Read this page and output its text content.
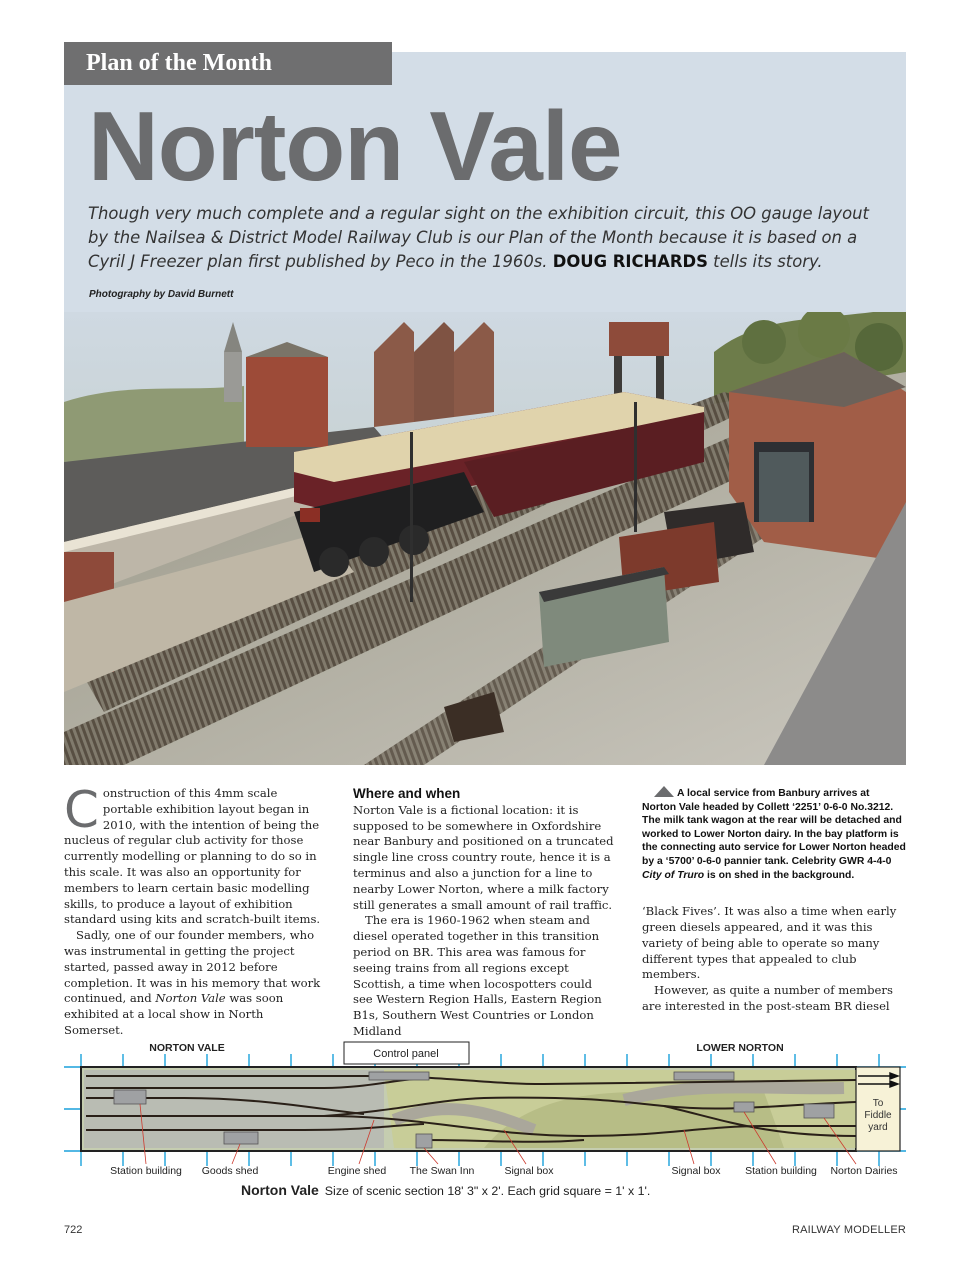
Plan of the Month
Norton Vale

Though very much complete and a regular sight on the exhibition circuit, this OO gauge layout by the Nailsea & District Model Railway Club is our Plan of the Month because it is based on a Cyril J Freezer plan first published by Peco in the 1960s. DOUG RICHARDS tells its story.

Photography by David Burnett

Construction of this 4mm scale portable exhibition layout began in 2010, with the intention of being the nucleus of regular club activity for those currently modelling or planning to do so in this scale. It was also an opportunity for members to learn certain basic modelling skills, to produce a layout of exhibition standard using kits and scratch-built items.

Sadly, one of our founder members, who was instrumental in getting the project started, passed away in 2012 before completion. It was in his memory that work continued, and Norton Vale was soon exhibited at a local show in North Somerset.

Where and when

Norton Vale is a fictional location: it is supposed to be somewhere in Oxfordshire near Banbury and positioned on a truncated single line cross country route, hence it is a terminus and also a junction for a line to nearby Lower Norton, where a milk factory still generates a small amount of rail traffic.

The era is 1960-1962 when steam and diesel operated together in this transition period on BR. This area was famous for seeing trains from all regions except Scottish, a time when locospotters could see Western Region Halls, Eastern Region B1s, Southern West Countries or London Midland

A local service from Banbury arrives at Norton Vale headed by Collett ‘2251’ 0-6-0 No.3212. The milk tank wagon at the rear will be detached and worked to Lower Norton dairy. In the bay platform is the connecting auto service for Lower Norton headed by a ‘5700’ 0-6-0 pannier tank. Celebrity GWR 4-4-0 City of Truro is on shed in the background.

‘Black Fives’. It was also a time when early green diesels appeared, and it was this variety of being able to operate so many different types that appealed to club members.

However, as quite a number of members are interested in the post-steam BR diesel

To
Fiddle
yard
Control panel
NORTON VALE	LOWER NORTON
Station building Goods shed	Engine shed The Swan Inn	Signal box	Signal box Station building Norton Dairies
Norton Vale Size of scenic section 18' 3" x 2'. Each grid square = 1' x 1'.
722	RAILWAY MODELLER
